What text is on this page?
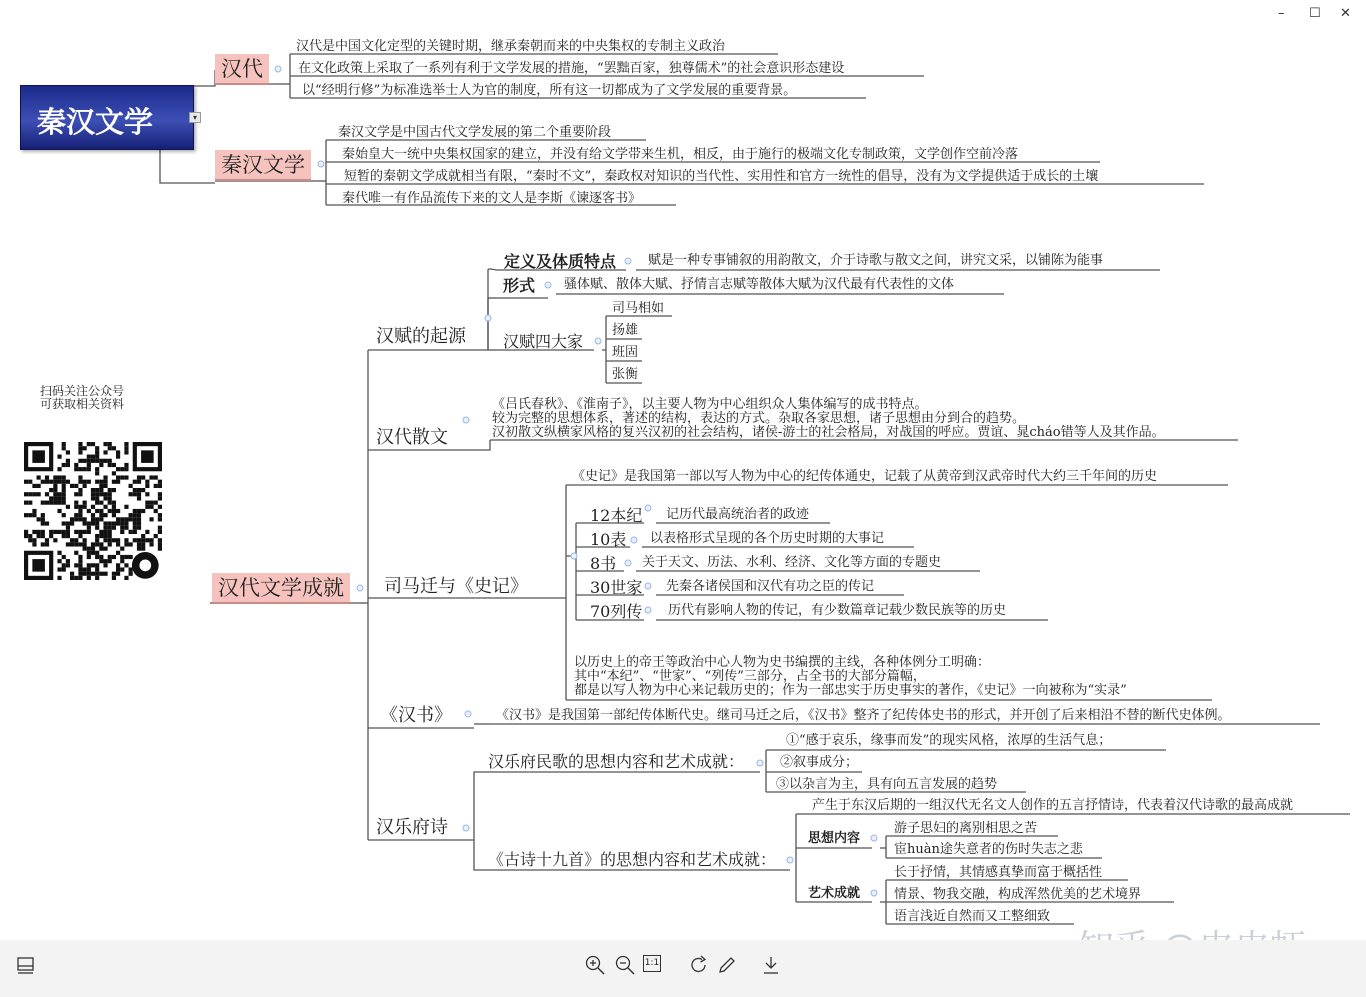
秦汉文学	▾
汉代
汉代是中国文化定型的关键时期，继承秦朝而来的中央集权的专制主义政治
在文化政策上采取了一系列有利于文学发展的措施，“罢黜百家，独尊儒术”的社会意识形态建设
以“经明行修”为标准选举士人为官的制度，所有这一切都成为了文学发展的重要背景。
秦汉文学
秦汉文学是中国古代文学发展的第二个重要阶段
秦始皇大一统中央集权国家的建立，并没有给文学带来生机，相反，由于施行的极端文化专制政策，文学创作空前冷落
短暂的秦朝文学成就相当有限，“秦时不文”，秦政权对知识的当代性、实用性和官方一统性的倡导，没有为文学提供适于成长的土壤
秦代唯一有作品流传下来的文人是李斯《谏逐客书》
汉代文学成就
汉赋的起源
定义及体质特点 赋是一种专事铺叙的用韵散文，介于诗歌与散文之间，讲究文采，以铺陈为能事
形式 骚体赋、散体大赋、抒情言志赋等散体大赋为汉代最有代表性的文体
汉赋四大家
司马相如
扬雄
班固
张衡
汉代散文
《吕氏春秋》、《淮南子》，以主要人物为中心组织众人集体编写的成书特点。
较为完整的思想体系，著述的结构，表达的方式。杂取各家思想，诸子思想由分到合的趋势。
汉初散文纵横家风格的复兴汉初的社会结构，诸侯-游士的社会格局，对战国的呼应。贾谊、晁cháo错等人及其作品。
司马迁与《史记》
《史记》是我国第一部以写人物为中心的纪传体通史，记载了从黄帝到汉武帝时代大约三千年间的历史
12本纪 记历代最高统治者的政迹
10表 以表格形式呈现的各个历史时期的大事记
8书 关于天文、历法、水利、经济、文化等方面的专题史
30世家 先秦各诸侯国和汉代有功之臣的传记
70列传 历代有影响人物的传记，有少数篇章记载少数民族等的历史
以历史上的帝王等政治中心人物为史书编撰的主线，各种体例分工明确：
其中“本纪”、“世家”、“列传”三部分，占全书的大部分篇幅，
都是以写人物为中心来记载历史的；作为一部忠实于历史事实的著作，《史记》一向被称为“实录”
《汉书》	《汉书》是我国第一部纪传体断代史。继司马迁之后，《汉书》整齐了纪传体史书的形式，并开创了后来相沿不替的断代史体例。
汉乐府诗
汉乐府民歌的思想内容和艺术成就：
①“感于哀乐，缘事而发”的现实风格，浓厚的生活气息；
②叙事成分；
③以杂言为主，具有向五言发展的趋势
《古诗十九首》的思想内容和艺术成就：
产生于东汉后期的一组汉代无名文人创作的五言抒情诗，代表着汉代诗歌的最高成就
思想内容
游子思妇的离别相思之苦
宦huàn途失意者的伤时失志之悲
艺术成就
长于抒情，其情感真挚而富于概括性
情景、物我交融，构成浑然优美的艺术境界
语言浅近自然而又工整细致
扫码关注公众号
可获取相关资料
– ☐ ✕
1:1
